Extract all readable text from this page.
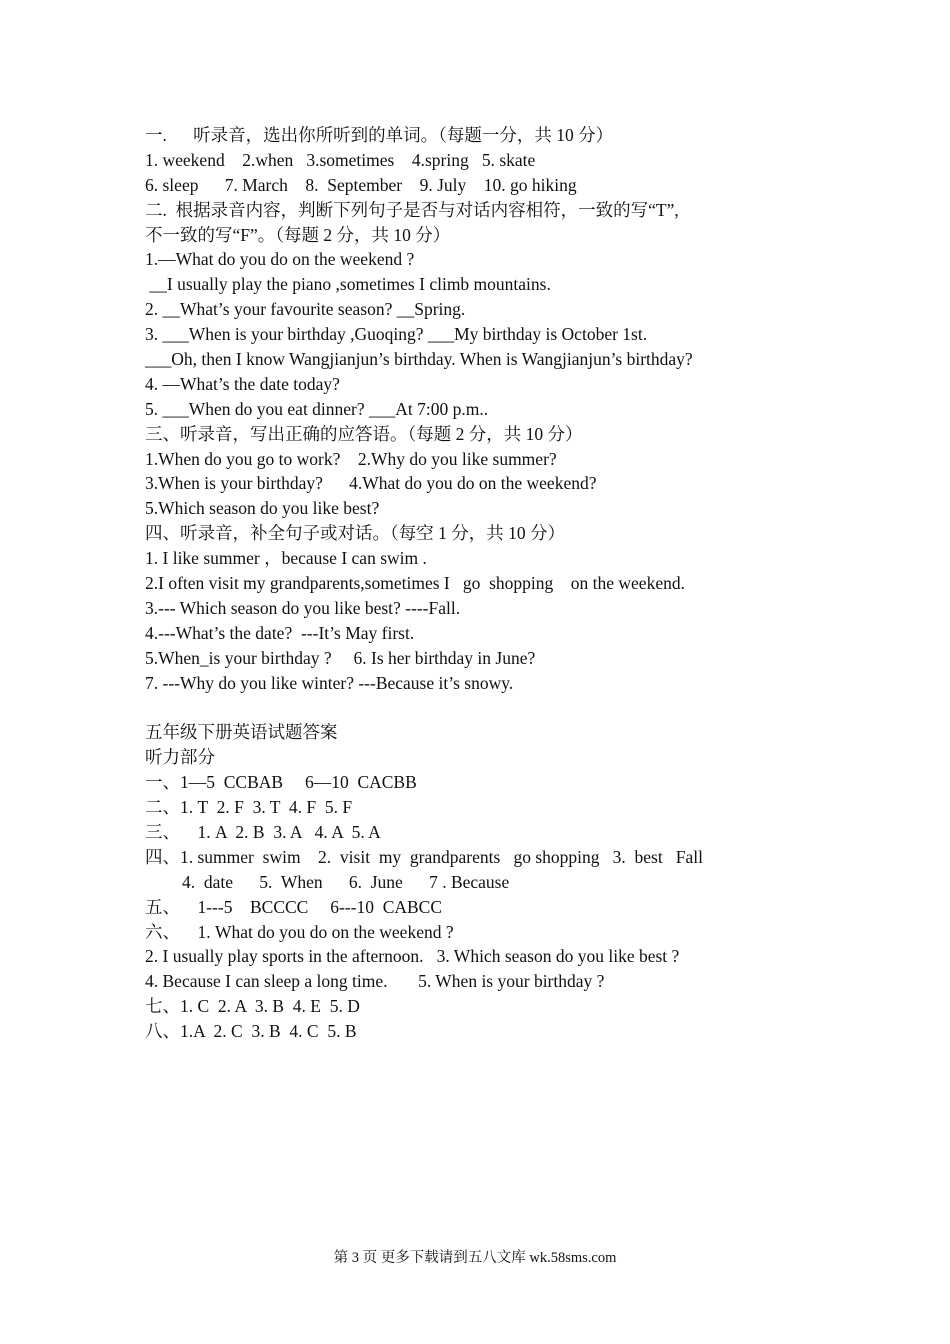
一.      听录音，选出你所听到的单词。（每题一分，共 10 分）
1. weekend    2.when   3.sometimes    4.spring   5. skate
6. sleep      7. March    8.  September    9. July    10. go hiking
二.  根据录音内容，判断下列句子是否与对话内容相符，一致的写“T”,
不一致的写“F”。（每题 2 分，共 10 分）
1.—What do you do on the weekend ?
__I usually play the piano ,sometimes I climb mountains.
2. __What’s your favourite season? __Spring.
3. ___When is your birthday ,Guoqing? ___My birthday is October 1st.
___Oh, then I know Wangjianjun’s birthday. When is Wangjianjun’s birthday?
4. —What’s the date today?
5. ___When do you eat dinner? ___At 7:00 p.m..
三、听录音，写出正确的应答语。（每题 2 分，共 10 分）
1.When do you go to work?    2.Why do you like summer?
3.When is your birthday?      4.What do you do on the weekend?
5.Which season do you like best?
四、听录音，补全句子或对话。（每空 1 分，共 10 分）
1. I like summer ，because I can swim .
2.I often visit my grandparents,sometimes I   go  shopping    on the weekend.
3.--- Which season do you like best? ----Fall.
4.---What’s the date?  ---It’s May first.
5.When_is your birthday ?     6. Is her birthday in June?
7. ---Why do you like winter? ---Because it’s snowy.
五年级下册英语试题答案
听力部分
一、1—5  CCBAB     6—10  CACBB
二、1. T  2. F  3. T  4. F  5. F
三、    1. A  2. B  3. A   4. A  5. A
四、1. summer  swim    2.  visit  my  grandparents   go shopping   3.  best   Fall
4.  date      5.  When      6.  June      7 . Because
五、    1---5    BCCCC     6---10  CABCC
六、    1. What do you do on the weekend ?
2. I usually play sports in the afternoon.   3. Which season do you like best ?
4. Because I can sleep a long time.       5. When is your birthday ?
七、1. C  2. A  3. B  4. E  5. D
八、1.A  2. C  3. B  4. C  5. B
第 3 页 更多下载请到五八文库 wk.58sms.com
